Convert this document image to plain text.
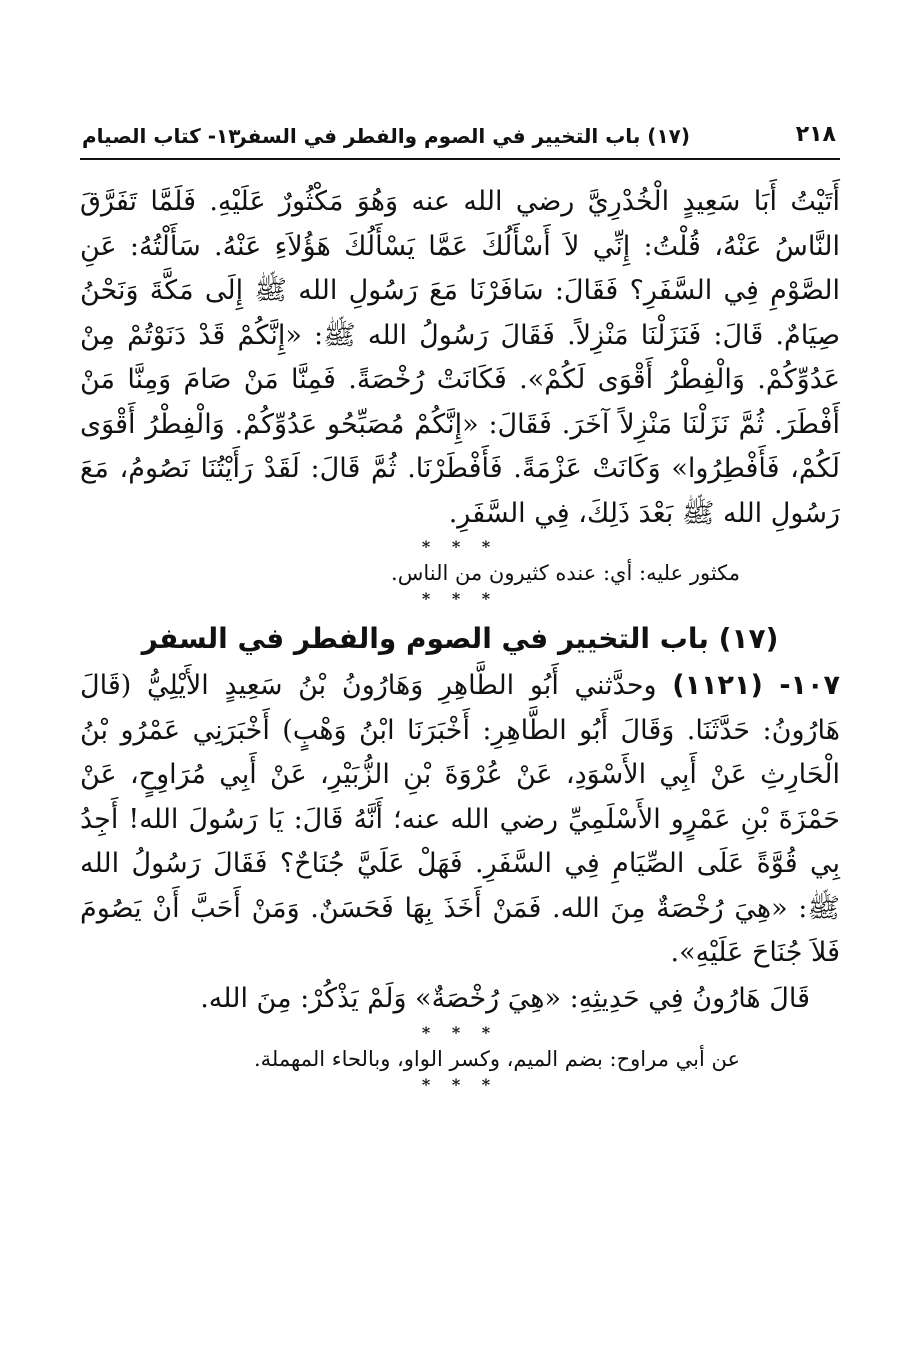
٢١٨
(١٧) باب التخيير في الصوم والفطر في السفر
١٣- كتاب الصيام

أَتَيْتُ أَبَا سَعِيدٍ الْخُدْرِيَّ رضي الله عنه وَهُوَ مَكْثُورٌ عَلَيْهِ. فَلَمَّا تَفَرَّقَ النَّاسُ عَنْهُ، قُلْتُ: إِنِّي لاَ أَسْأَلُكَ عَمَّا يَسْأَلُكَ هَؤُلاَءِ عَنْهُ. سَأَلْتُهُ: عَنِ الصَّوْمِ فِي السَّفَرِ؟ فَقَالَ: سَافَرْنَا مَعَ رَسُولِ الله ﷺ إِلَى مَكَّةَ وَنَحْنُ صِيَامٌ. قَالَ: فَنَزَلْنَا مَنْزِلاً. فَقَالَ رَسُولُ الله ﷺ: «إِنَّكُمْ قَدْ دَنَوْتُمْ مِنْ عَدُوِّكُمْ. وَالْفِطْرُ أَقْوَى لَكُمْ». فَكَانَتْ رُخْصَةً. فَمِنَّا مَنْ صَامَ وَمِنَّا مَنْ أَفْطَرَ. ثُمَّ نَزَلْنَا مَنْزِلاً آخَرَ. فَقَالَ: «إِنَّكُمْ مُصَبِّحُو عَدُوِّكُمْ. وَالْفِطْرُ أَقْوَى لَكُمْ، فَأَفْطِرُوا» وَكَانَتْ عَزْمَةً. فَأَفْطَرْنَا. ثُمَّ قَالَ: لَقَدْ رَأَيْتُنَا نَصُومُ، مَعَ رَسُولِ الله ﷺ بَعْدَ ذَلِكَ، فِي السَّفَرِ.

* * *

مكثور عليه: أي: عنده كثيرون من الناس.

* * *
(١٧) باب التخيير في الصوم والفطر في السفر

١٠٧- (١١٢١) وحدَّثني أَبُو الطَّاهِرِ وَهَارُونُ بْنُ سَعِيدٍ الأَيْلِيُّ (قَالَ هَارُونُ: حَدَّثَنَا. وَقَالَ أَبُو الطَّاهِرِ: أَخْبَرَنَا ابْنُ وَهْبٍ) أَخْبَرَنِي عَمْرُو بْنُ الْحَارِثِ عَنْ أَبِي الأَسْوَدِ، عَنْ عُرْوَةَ بْنِ الزُّبَيْرِ، عَنْ أَبِي مُرَاوِحٍ، عَنْ حَمْزَةَ بْنِ عَمْرٍو الأَسْلَمِيِّ رضي الله عنه؛ أَنَّهُ قَالَ: يَا رَسُولَ الله! أَجِدُ بِي قُوَّةً عَلَى الصِّيَامِ فِي السَّفَرِ. فَهَلْ عَلَيَّ جُنَاحٌ؟ فَقَالَ رَسُولُ الله ﷺ: «هِيَ رُخْصَةٌ مِنَ الله. فَمَنْ أَخَذَ بِهَا فَحَسَنٌ. وَمَنْ أَحَبَّ أَنْ يَصُومَ فَلاَ جُنَاحَ عَلَيْهِ».

قَالَ هَارُونُ فِي حَدِيثِهِ: «هِيَ رُخْصَةٌ» وَلَمْ يَذْكُرْ: مِنَ الله.

* * *

عن أبي مراوح: بضم الميم، وكسر الواو، وبالحاء المهملة.

* * *
